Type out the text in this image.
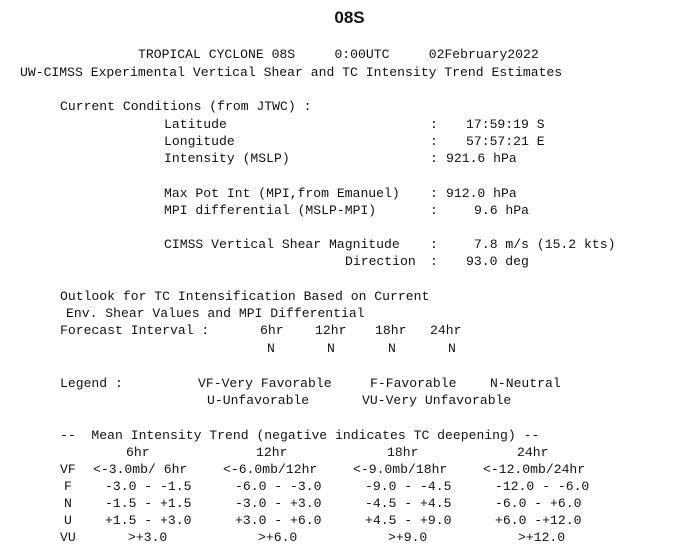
08S
TROPICAL CYCLONE 08S     0:00UTC     02February2022
UW-CIMSS Experimental Vertical Shear and TC Intensity Trend Estimates
Current Conditions (from JTWC) :
Latitude	: 17:59:19 S
Longitude	: 57:57:21 E
Intensity (MSLP)	: 921.6 hPa
Max Pot Int (MPI,from Emanuel) : 912.0 hPa
MPI differential (MSLP-MPI)	:	9.6 hPa
CIMSS Vertical Shear Magnitude :	7.8 m/s (15.2 kts)
Direction : 93.0 deg
Outlook for TC Intensification Based on Current
Env. Shear Values and MPI Differential
Forecast Interval :	6hr 12hr 18hr 24hr
N	N	N	N
Legend :	VF-Very Favorable	F-Favorable	N-Neutral
U-Unfavorable	VU-Very Unfavorable
--  Mean Intensity Trend (negative indicates TC deepening) --
6hr	12hr	18hr	24hr
VF <-3.0mb/ 6hr	<-6.0mb/12hr	<-9.0mb/18hr	<-12.0mb/24hr
F	-3.0 - -1.5	-6.0 - -3.0	-9.0 - -4.5	-12.0 - -6.0
N	-1.5 - +1.5	-3.0 - +3.0	-4.5 - +4.5	-6.0 - +6.0
U	+1.5 - +3.0	+3.0 - +6.0	+4.5 - +9.0	+6.0 -+12.0
VU	>+3.0	>+6.0	>+9.0	>+12.0
